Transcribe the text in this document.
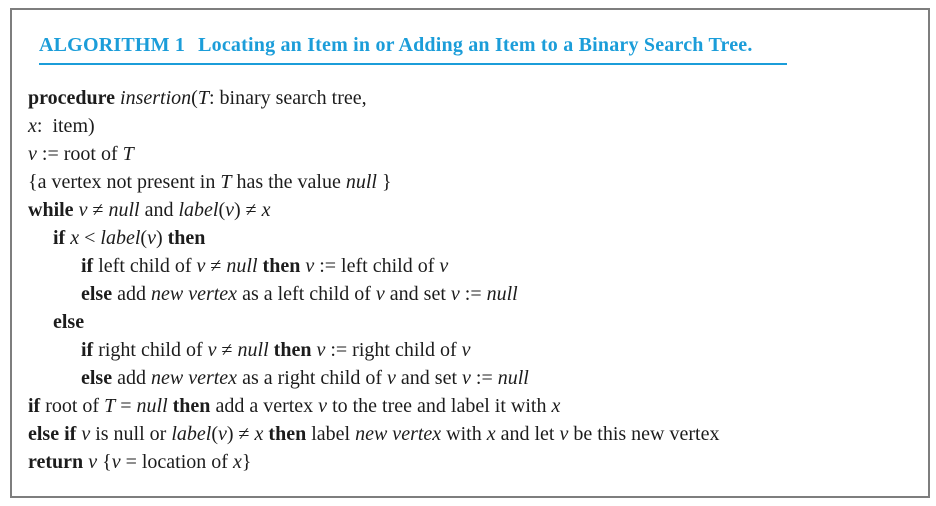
ALGORITHM 1 Locating an Item in or Adding an Item to a Binary Search Tree.
procedure insertion(T: binary search tree,
x:  item)
v := root of T
{a vertex not present in T has the value null }
while v ≠ null and label(v) ≠ x
if x < label(v) then
if left child of v ≠ null then v := left child of v
else add new vertex as a left child of v and set v := null
else
if right child of v ≠ null then v := right child of v
else add new vertex as a right child of v and set v := null
if root of T = null then add a vertex v to the tree and label it with x
else if v is null or label(v) ≠ x then label new vertex with x and let v be this new vertex
return v {v = location of x}
